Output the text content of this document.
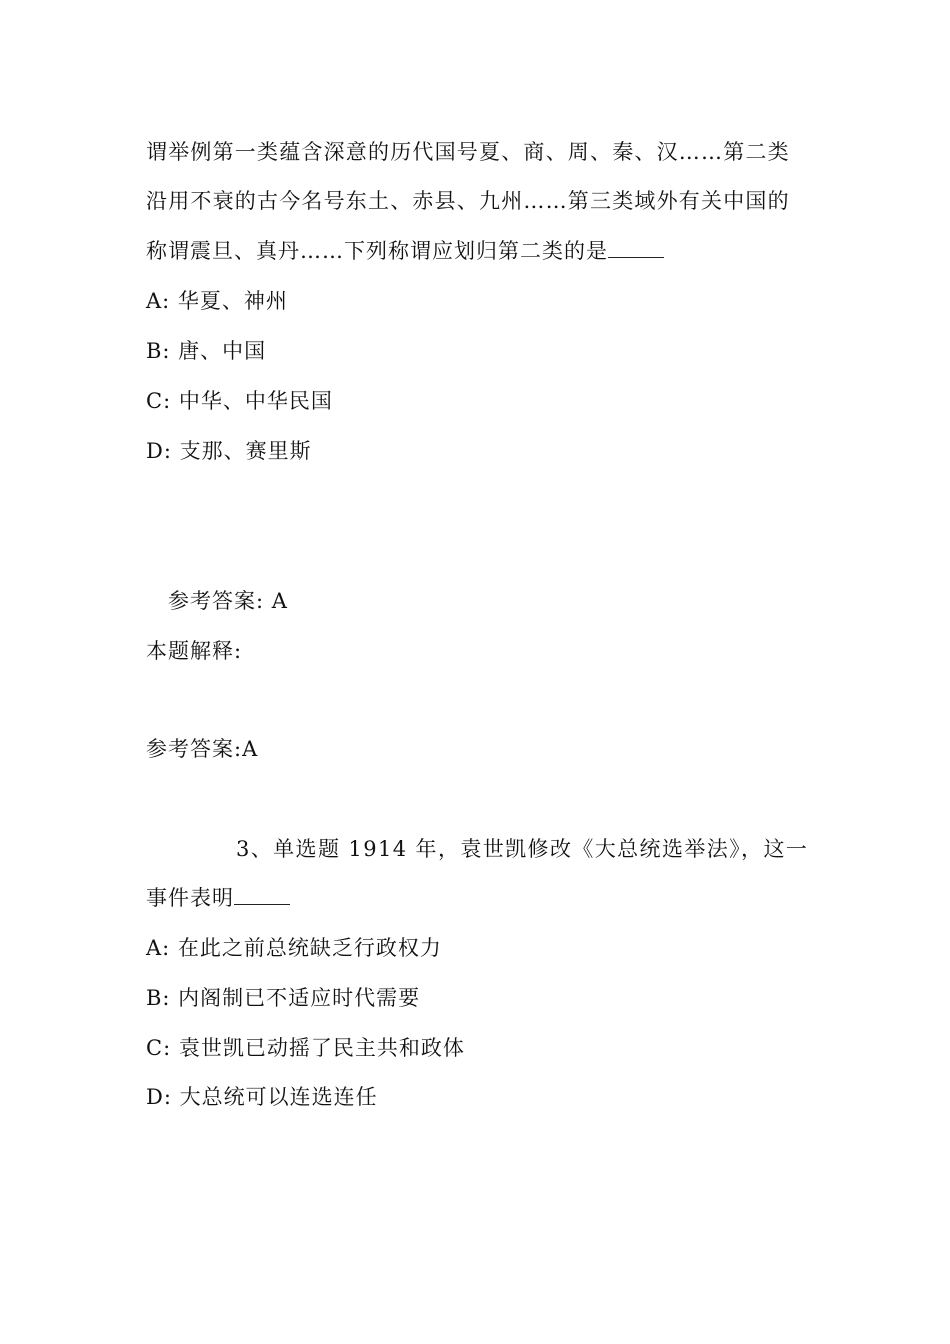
谓举例第一类蕴含深意的历代国号夏、商、周、秦、汉……第二类
沿用不衰的古今名号东土、赤县、九州……第三类域外有关中国的
称谓震旦、真丹……下列称谓应划归第二类的是
A: 华夏、神州
B: 唐、中国
C: 中华、中华民国
D: 支那、赛里斯
参考答案: A
本题解释:
参考答案:A
3、单选题 1914 年，袁世凯修改《大总统选举法》，这一
事件表明
A: 在此之前总统缺乏行政权力
B: 内阁制已不适应时代需要
C: 袁世凯已动摇了民主共和政体
D: 大总统可以连选连任
